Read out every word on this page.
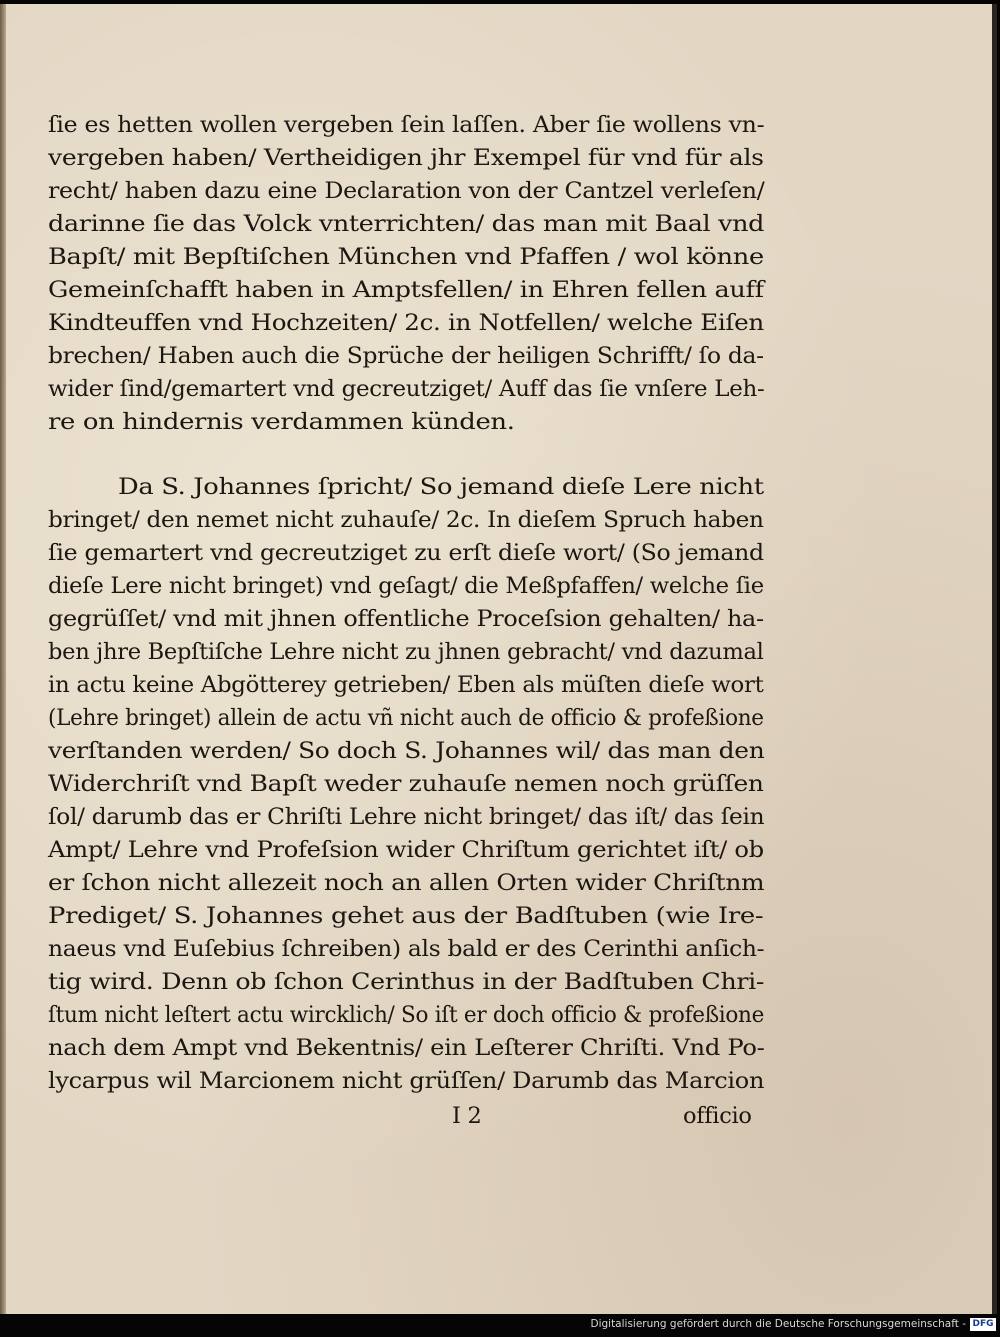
ſie es hetten wollen vergeben ſein laſſen. Aber ſie wollens vn-
vergeben haben/ Vertheidigen jhr Exempel für vnd für als
recht/ haben dazu eine Declaration von der Cantzel verleſen/
darinne ſie das Volck vnterrichten/ das man mit Baal vnd
Bapſt/ mit Bepſtiſchen München vnd Pfaffen / wol könne
Gemeinſchafft haben in Amptsfellen/ in Ehren fellen auff
Kindteuffen vnd Hochzeiten/ 2c. in Notfellen/ welche Eiſen
brechen/ Haben auch die Sprüche der heiligen Schrifft/ ſo da-
wider ſind/gemartert vnd gecreutziget/ Auff das ſie vnſere Leh-
re on hindernis verdammen künden.
Da S. Johannes ſpricht/ So jemand dieſe Lere nicht
bringet/ den nemet nicht zuhauſe/ 2c. In dieſem Spruch haben
ſie gemartert vnd gecreutziget zu erſt dieſe wort/ (So jemand
dieſe Lere nicht bringet) vnd geſagt/ die Meßpfaffen/ welche ſie
gegrüſſet/ vnd mit jhnen offentliche Proceſsion gehalten/ ha-
ben jhre Bepſtiſche Lehre nicht zu jhnen gebracht/ vnd dazumal
in actu keine Abgötterey getrieben/ Eben als müſten dieſe wort
(Lehre bringet) allein de actu vñ nicht auch de officio & profeßione
verſtanden werden/ So doch S. Johannes wil/ das man den
Widerchriſt vnd Bapſt weder zuhauſe nemen noch grüſſen
ſol/ darumb das er Chriſti Lehre nicht bringet/ das iſt/ das ſein
Ampt/ Lehre vnd Profeſsion wider Chriſtum gerichtet iſt/ ob
er ſchon nicht allezeit noch an allen Orten wider Chriſtnm
Prediget/ S. Johannes gehet aus der Badſtuben (wie Ire-
naeus vnd Euſebius ſchreiben) als bald er des Cerinthi anſich-
tig wird. Denn ob ſchon Cerinthus in der Badſtuben Chri-
ſtum nicht leſtert actu wircklich/ So iſt er doch officio & profeßione
nach dem Ampt vnd Bekentnis/ ein Leſterer Chriſti. Vnd Po-
lycarpus wil Marcionem nicht grüſſen/ Darumb das Marcion
I 2	officio
Digitalisierung gefördert durch die Deutsche Forschungsgemeinschaft - DFG
